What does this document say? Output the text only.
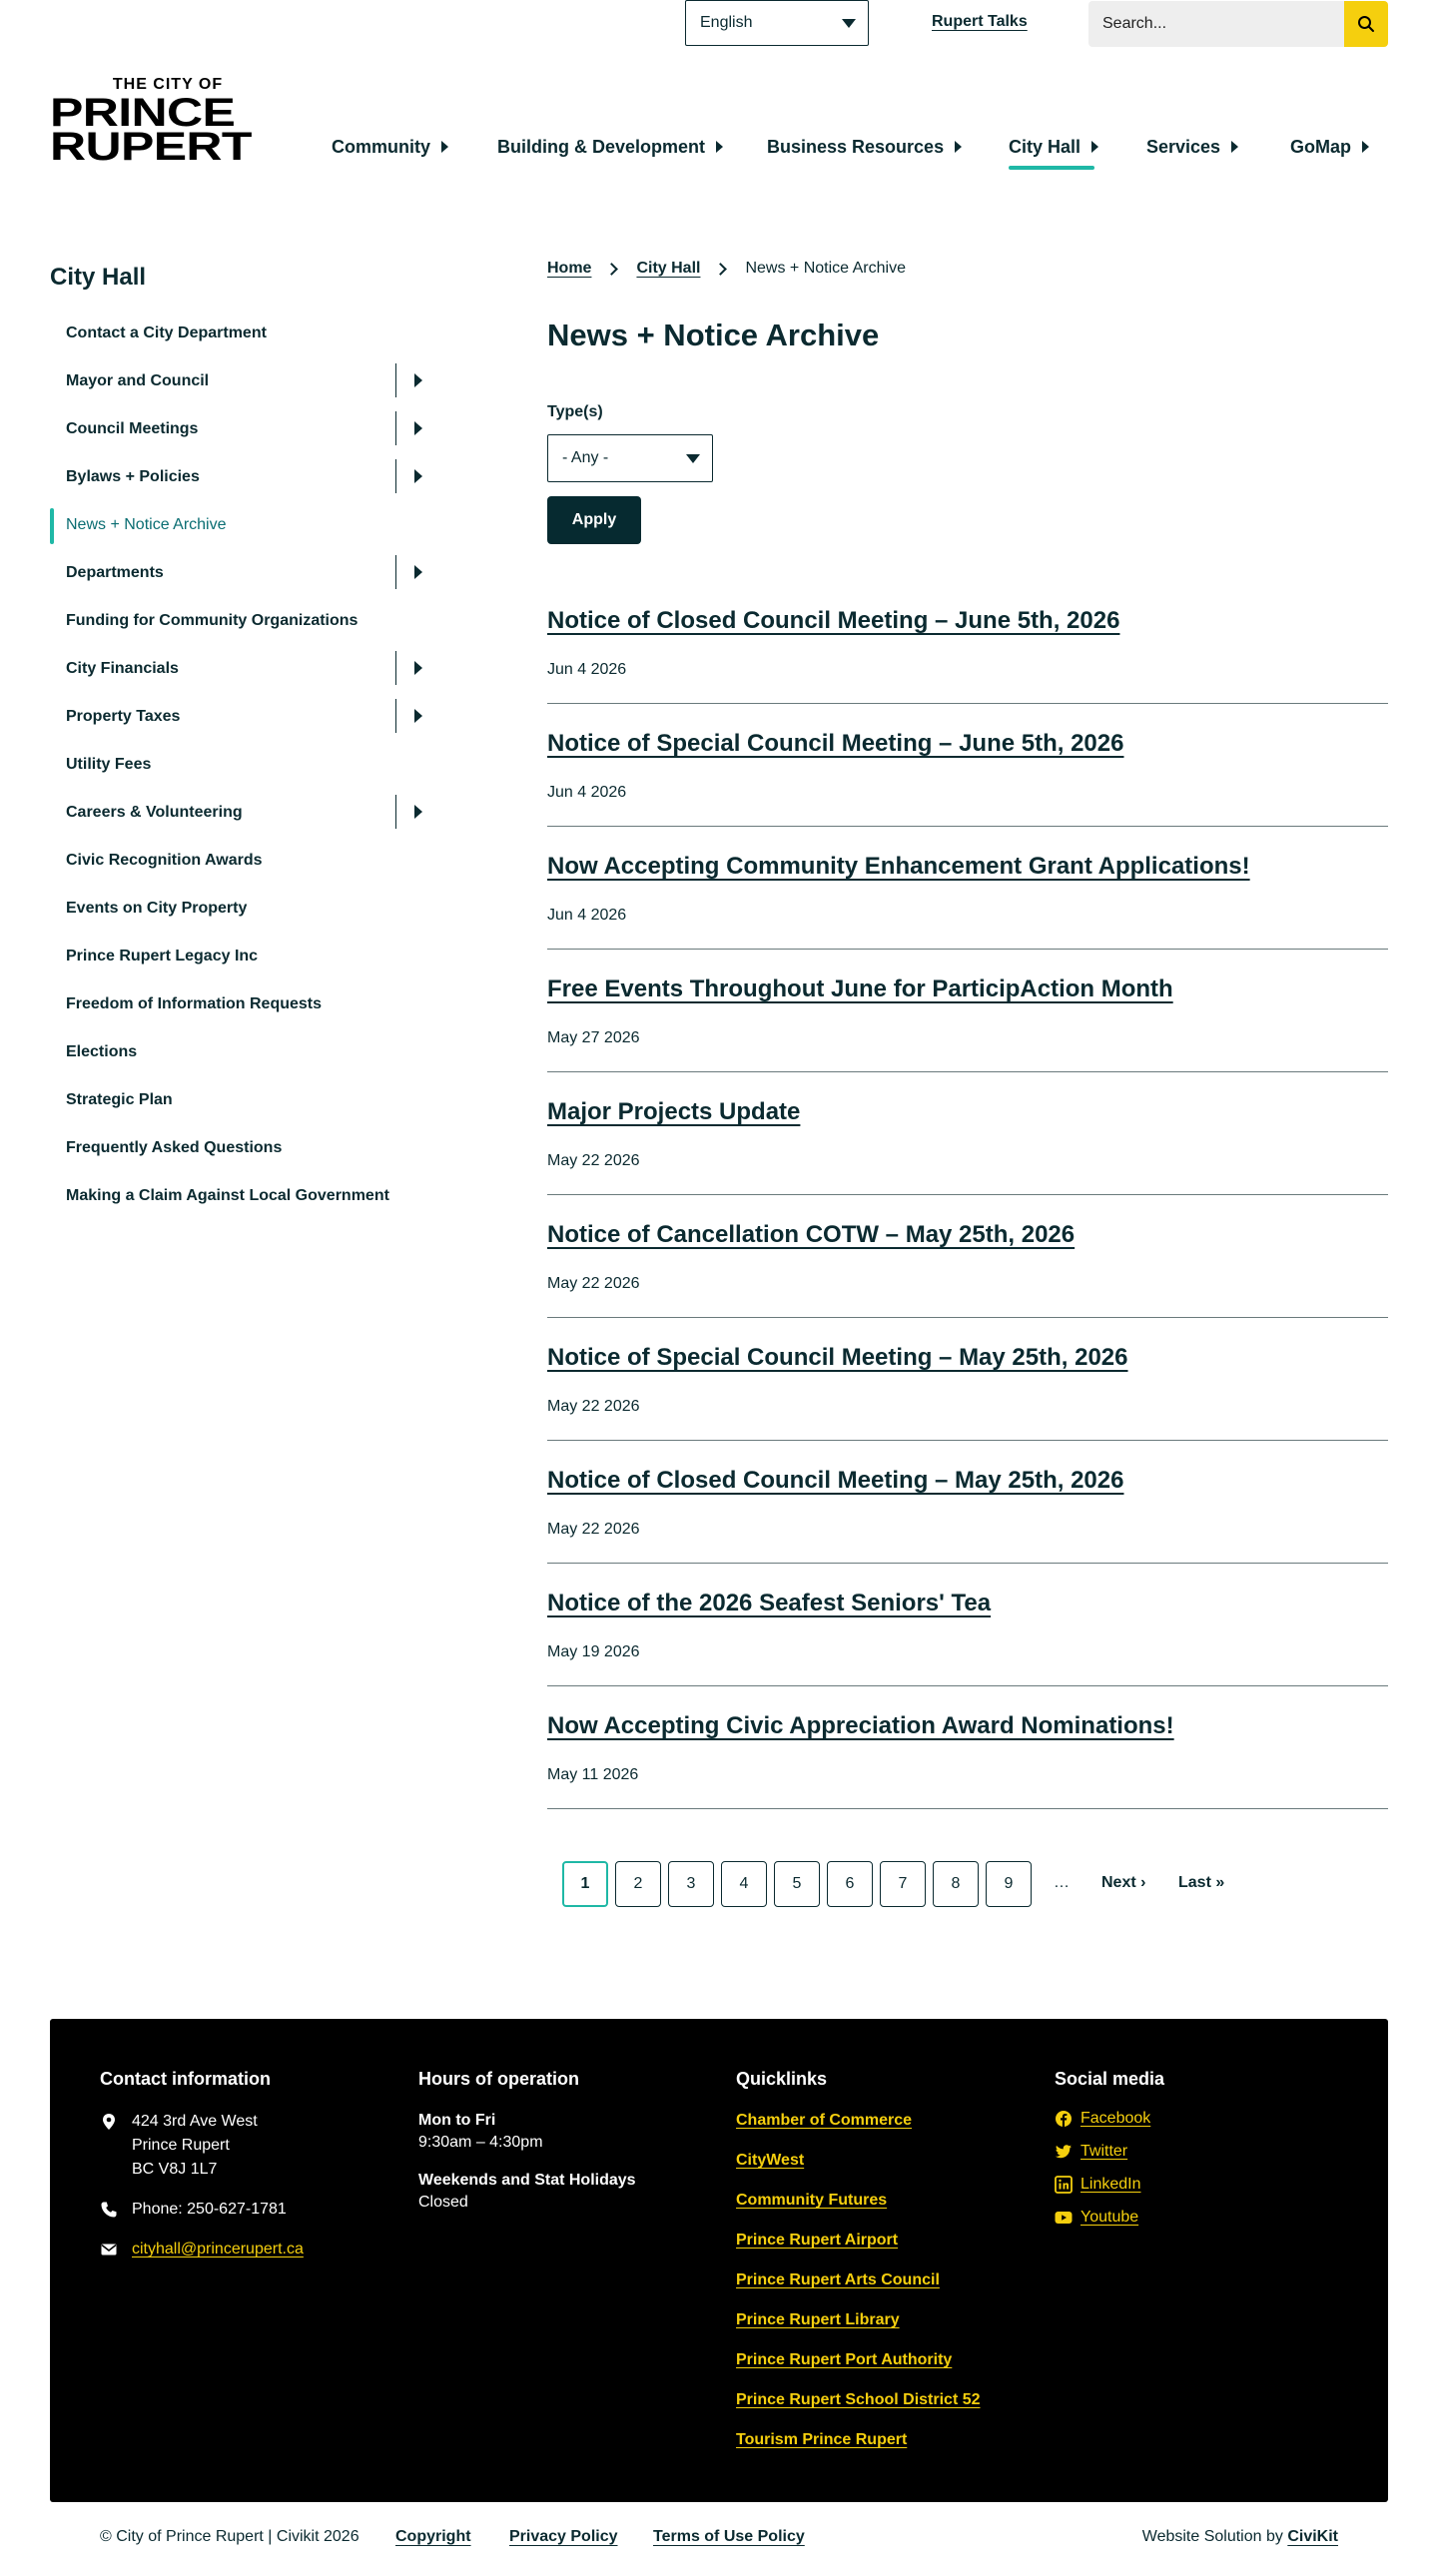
English	Rupert Talks	Search...
THE CITY OF
PRINCE
RUPERT	Community	Building & Development	Business Resources	City Hall	Services	GoMap
City Hall
Contact a City Department
Mayor and Council
Council Meetings
Bylaws + Policies
News + Notice Archive
Departments
Funding for Community Organizations
City Financials
Property Taxes
Utility Fees
Careers & Volunteering
Civic Recognition Awards
Events on City Property
Prince Rupert Legacy Inc
Freedom of Information Requests
Elections
Strategic Plan
Frequently Asked Questions
Making a Claim Against Local Government
Home	City Hall	News + Notice Archive
News + Notice Archive
Type(s)
- Any -
Apply
Notice of Closed Council Meeting – June 5th, 2026
Jun 4 2026
Notice of Special Council Meeting – June 5th, 2026
Jun 4 2026
Now Accepting Community Enhancement Grant Applications!
Jun 4 2026
Free Events Throughout June for ParticipAction Month
May 27 2026
Major Projects Update
May 22 2026
Notice of Cancellation COTW – May 25th, 2026
May 22 2026
Notice of Special Council Meeting – May 25th, 2026
May 22 2026
Notice of Closed Council Meeting – May 25th, 2026
May 22 2026
Notice of the 2026 Seafest Seniors' Tea
May 19 2026
Now Accepting Civic Appreciation Award Nominations!
May 11 2026
1	2	3	4	5	6	7	8	9	… Next › Last »
Contact information
424 3rd Ave West
Prince Rupert
BC V8J 1L7
Phone: 250-627-1781
cityhall@princerupert.ca
Hours of operation
Mon to Fri
9:30am – 4:30pm
Weekends and Stat Holidays
Closed
Quicklinks
Chamber of Commerce
CityWest
Community Futures
Prince Rupert Airport
Prince Rupert Arts Council
Prince Rupert Library
Prince Rupert Port Authority
Prince Rupert School District 52
Tourism Prince Rupert
Social media
Facebook
Twitter
LinkedIn
Youtube
© City of Prince Rupert | Civikit 2026 Copyright Privacy Policy Terms of Use Policy	Website Solution by CiviKit
